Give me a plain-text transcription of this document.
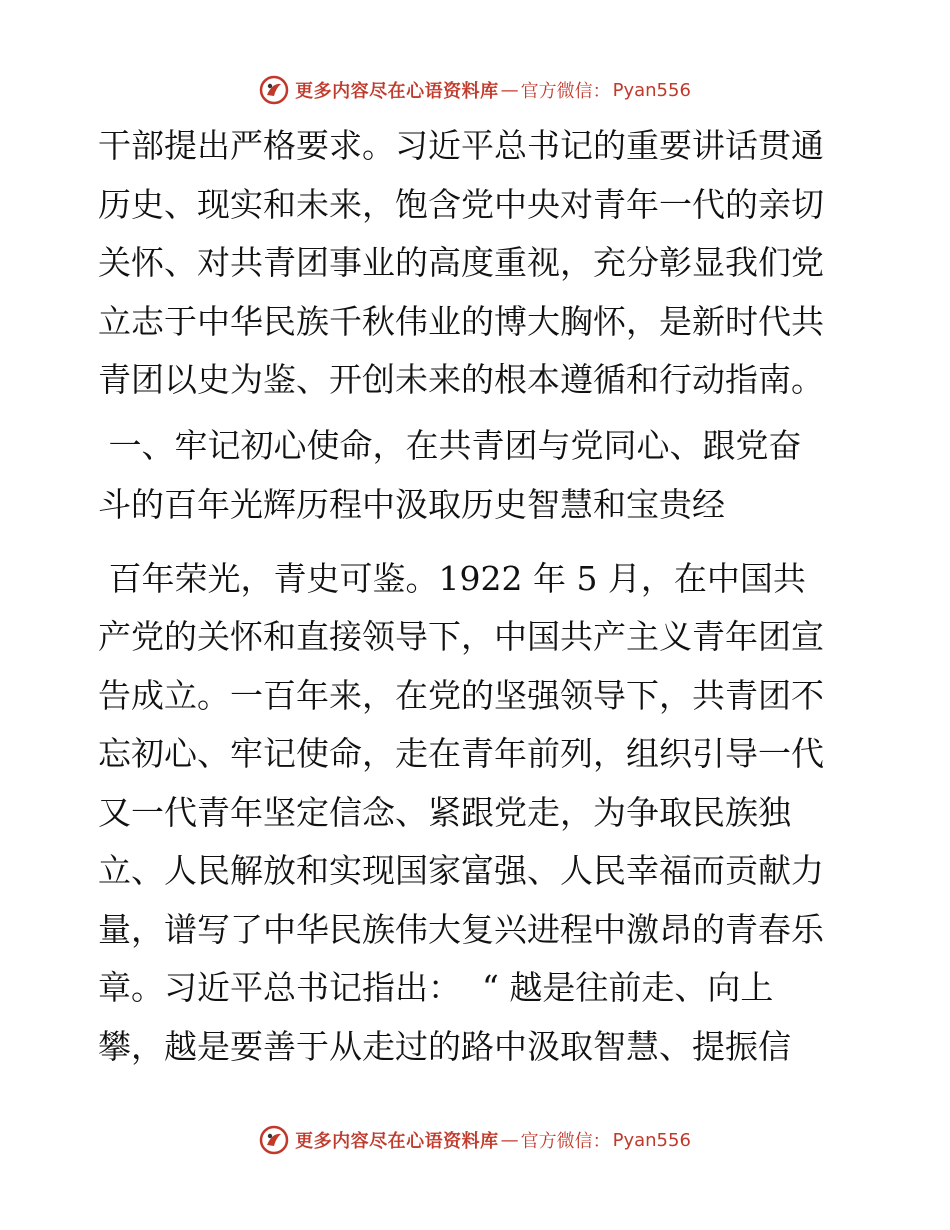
更多内容尽在心语资料库 — 官方微信： Pyan556
干部提出严格要求。习近平总书记的重要讲话贯通
历史、现实和未来，饱含党中央对青年一代的亲切
关怀、对共青团事业的高度重视，充分彰显我们党
立志于中华民族千秋伟业的博大胸怀，是新时代共
青团以史为鉴、开创未来的根本遵循和行动指南。
一、牢记初心使命，在共青团与党同心、跟党奋
斗的百年光辉历程中汲取历史智慧和宝贵经
百年荣光，青史可鉴。1922 年 5 月，在中国共
产党的关怀和直接领导下，中国共产主义青年团宣
告成立。一百年来，在党的坚强领导下，共青团不
忘初心、牢记使命，走在青年前列，组织引导一代
又一代青年坚定信念、紧跟党走，为争取民族独
立、人民解放和实现国家富强、人民幸福而贡献力
量，谱写了中华民族伟大复兴进程中激昂的青春乐
章。习近平总书记指出：  “ 越是往前走、向上
攀，越是要善于从走过的路中汲取智慧、提振信
更多内容尽在心语资料库 — 官方微信： Pyan556
